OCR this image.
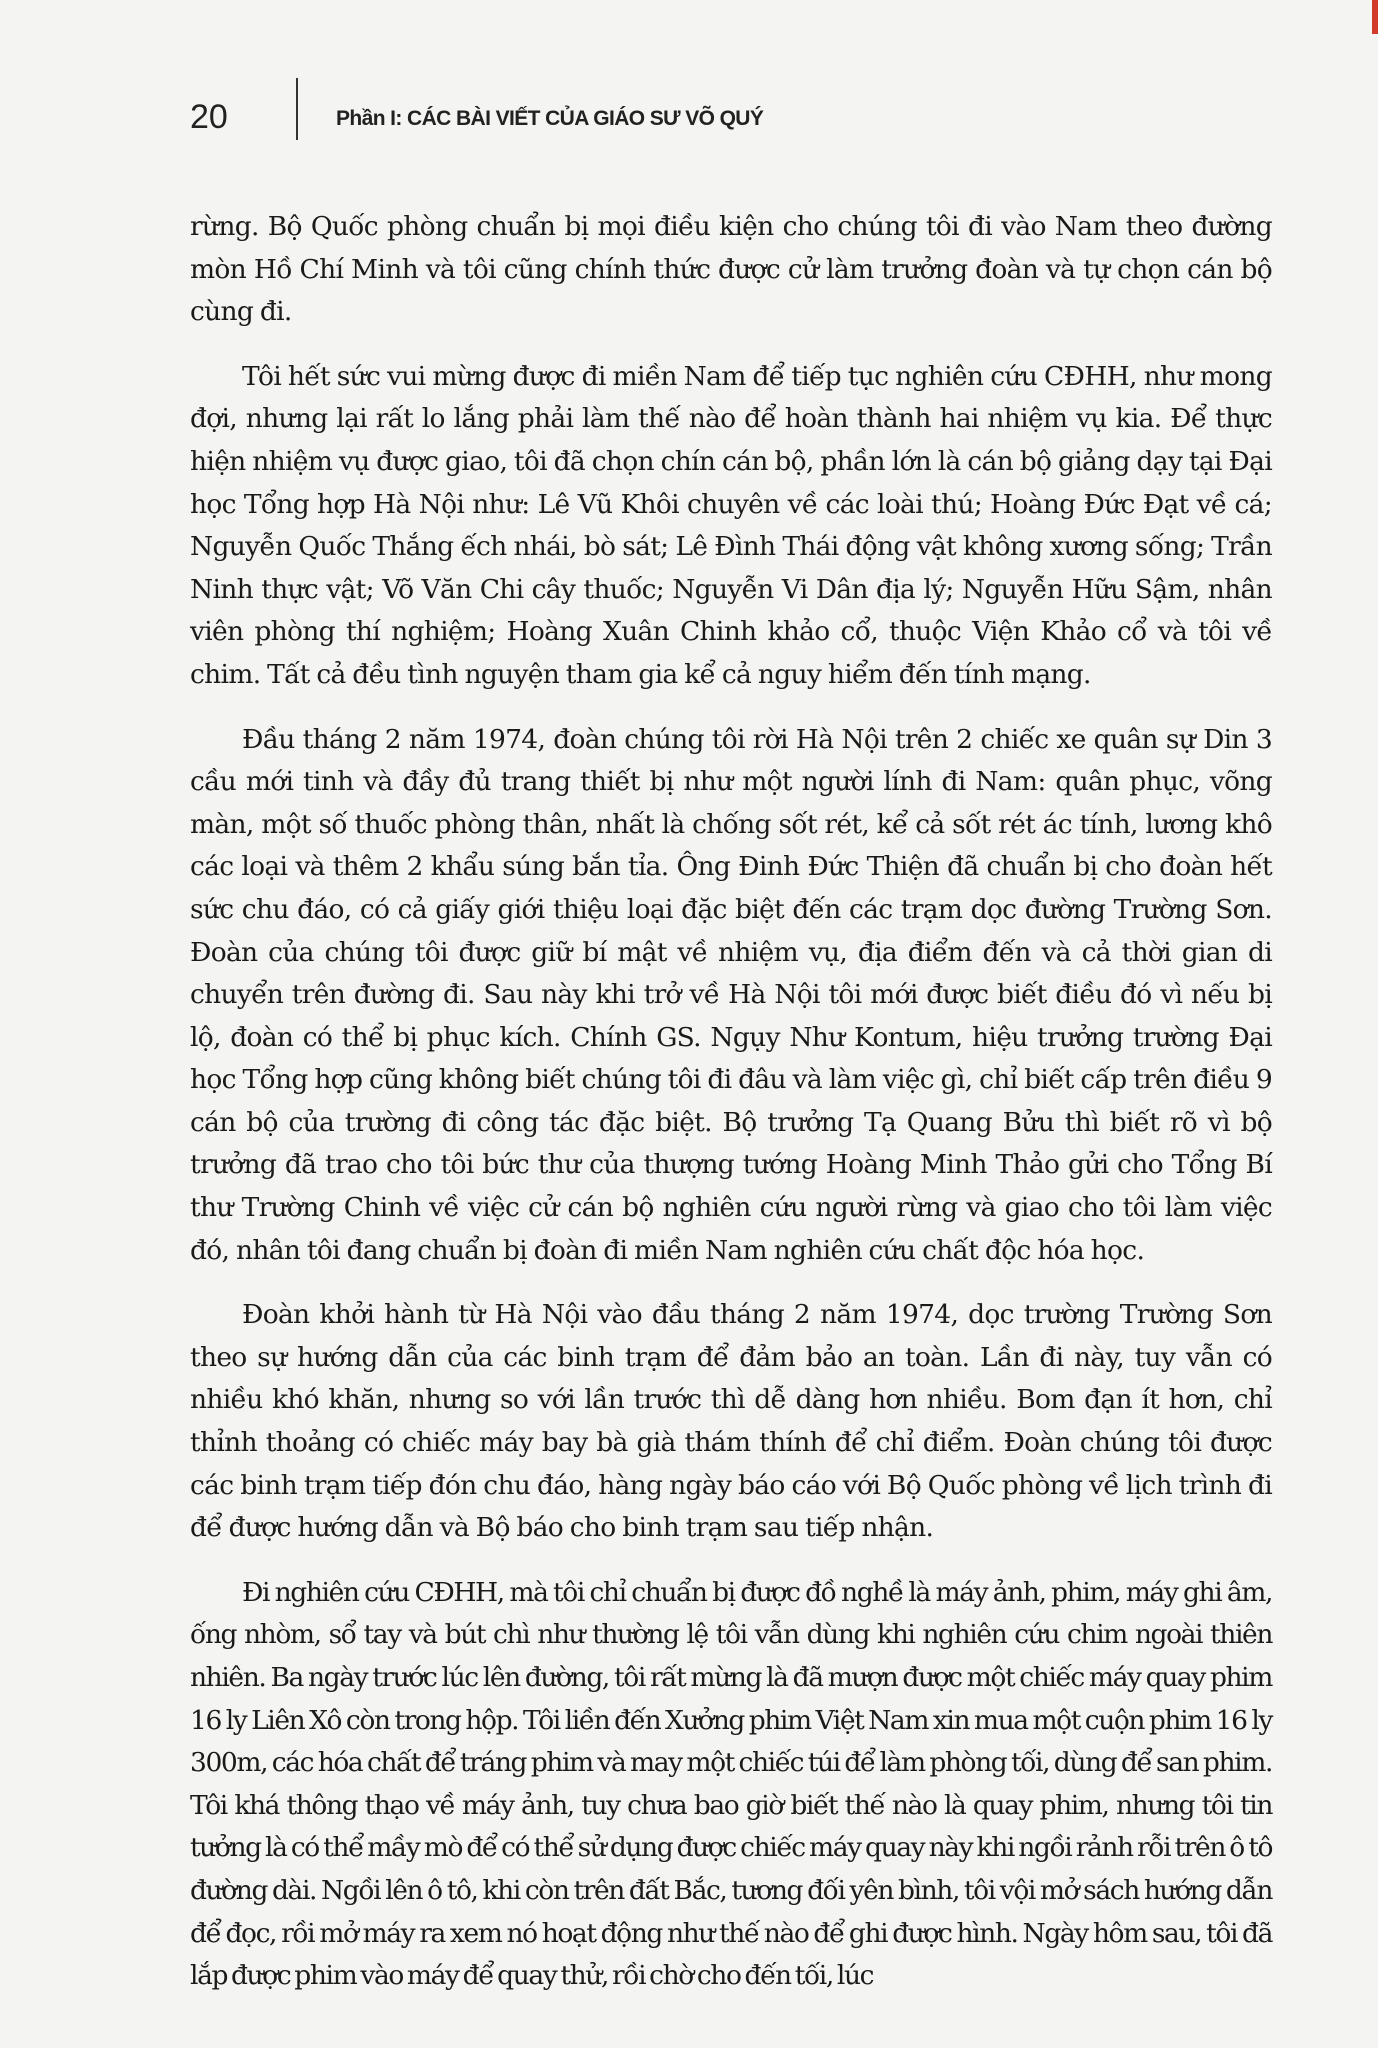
20	Phần I: CÁC BÀI VIẾT CỦA GIÁO SƯ VÕ QUÝ

rừng. Bộ Quốc phòng chuẩn bị mọi điều kiện cho chúng tôi đi vào Nam theo đường mòn Hồ Chí Minh và tôi cũng chính thức được cử làm trưởng đoàn và tự chọn cán bộ cùng đi.

Tôi hết sức vui mừng được đi miền Nam để tiếp tục nghiên cứu CĐHH, như mong đợi, nhưng lại rất lo lắng phải làm thế nào để hoàn thành hai nhiệm vụ kia. Để thực hiện nhiệm vụ được giao, tôi đã chọn chín cán bộ, phần lớn là cán bộ giảng dạy tại Đại học Tổng hợp Hà Nội như: Lê Vũ Khôi chuyên về các loài thú; Hoàng Đức Đạt về cá; Nguyễn Quốc Thắng ếch nhái, bò sát; Lê Đình Thái động vật không xương sống; Trần Ninh thực vật; Võ Văn Chi cây thuốc; Nguyễn Vi Dân địa lý; Nguyễn Hữu Sậm, nhân viên phòng thí nghiệm; Hoàng Xuân Chinh khảo cổ, thuộc Viện Khảo cổ và tôi về chim. Tất cả đều tình nguyện tham gia kể cả nguy hiểm đến tính mạng.

Đầu tháng 2 năm 1974, đoàn chúng tôi rời Hà Nội trên 2 chiếc xe quân sự Din 3 cầu mới tinh và đầy đủ trang thiết bị như một người lính đi Nam: quân phục, võng màn, một số thuốc phòng thân, nhất là chống sốt rét, kể cả sốt rét ác tính, lương khô các loại và thêm 2 khẩu súng bắn tỉa. Ông Đinh Đức Thiện đã chuẩn bị cho đoàn hết sức chu đáo, có cả giấy giới thiệu loại đặc biệt đến các trạm dọc đường Trường Sơn. Đoàn của chúng tôi được giữ bí mật về nhiệm vụ, địa điểm đến và cả thời gian di chuyển trên đường đi. Sau này khi trở về Hà Nội tôi mới được biết điều đó vì nếu bị lộ, đoàn có thể bị phục kích. Chính GS. Ngụy Như Kontum, hiệu trưởng trường Đại học Tổng hợp cũng không biết chúng tôi đi đâu và làm việc gì, chỉ biết cấp trên điều 9 cán bộ của trường đi công tác đặc biệt. Bộ trưởng Tạ Quang Bửu thì biết rõ vì bộ trưởng đã trao cho tôi bức thư của thượng tướng Hoàng Minh Thảo gửi cho Tổng Bí thư Trường Chinh về việc cử cán bộ nghiên cứu người rừng và giao cho tôi làm việc đó, nhân tôi đang chuẩn bị đoàn đi miền Nam nghiên cứu chất độc hóa học.

Đoàn khởi hành từ Hà Nội vào đầu tháng 2 năm 1974, dọc trường Trường Sơn theo sự hướng dẫn của các binh trạm để đảm bảo an toàn. Lần đi này, tuy vẫn có nhiều khó khăn, nhưng so với lần trước thì dễ dàng hơn nhiều. Bom đạn ít hơn, chỉ thỉnh thoảng có chiếc máy bay bà già thám thính để chỉ điểm. Đoàn chúng tôi được các binh trạm tiếp đón chu đáo, hàng ngày báo cáo với Bộ Quốc phòng về lịch trình đi để được hướng dẫn và Bộ báo cho binh trạm sau tiếp nhận.

Đi nghiên cứu CĐHH, mà tôi chỉ chuẩn bị được đồ nghề là máy ảnh, phim, máy ghi âm, ống nhòm, sổ tay và bút chì như thường lệ tôi vẫn dùng khi nghiên cứu chim ngoài thiên nhiên. Ba ngày trước lúc lên đường, tôi rất mừng là đã mượn được một chiếc máy quay phim 16 ly Liên Xô còn trong hộp. Tôi liền đến Xưởng phim Việt Nam xin mua một cuộn phim 16 ly 300m, các hóa chất để tráng phim và may một chiếc túi để làm phòng tối, dùng để san phim. Tôi khá thông thạo về máy ảnh, tuy chưa bao giờ biết thế nào là quay phim, nhưng tôi tin tưởng là có thể mầy mò để có thể sử dụng được chiếc máy quay này khi ngồi rảnh rỗi trên ô tô đường dài. Ngồi lên ô tô, khi còn trên đất Bắc, tương đối yên bình, tôi vội mở sách hướng dẫn để đọc, rồi mở máy ra xem nó hoạt động như thế nào để ghi được hình. Ngày hôm sau, tôi đã lắp được phim vào máy để quay thử, rồi chờ cho đến tối, lúc
